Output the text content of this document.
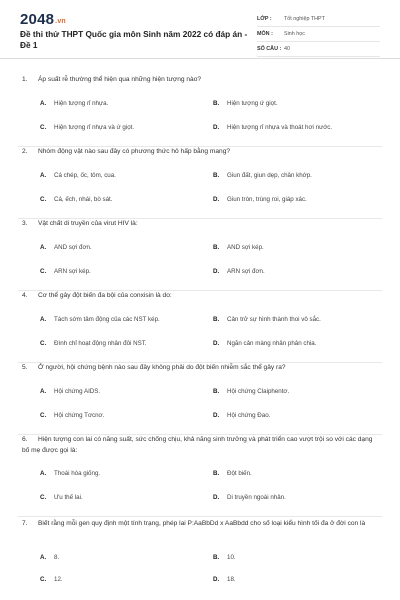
2048.vn
Đề thi thử THPT Quốc gia môn Sinh năm 2022 có đáp án - Đề 1
LỚP :	Tốt nghiệp THPT
MÔN :	Sinh học
SỐ CÂU : 40
1. Áp suất rễ thường thể hiện qua những hiện tượng nào?
A. Hiện tượng rỉ nhựa.	B. Hiện tượng ứ giọt.
C. Hiện tượng rỉ nhựa và ứ giọt.	D. Hiện tượng rỉ nhựa và thoát hơi nước.
2. Nhóm động vật nào sau đây có phương thức hô hấp bằng mang?
A. Cá chép, ốc, tôm, cua.	B. Giun đất, giun dẹp, chân khớp.
C. Cá, ếch, nhái, bò sát.	D. Giun tròn, trùng roi, giáp xác.
3. Vật chất di truyền của virut HIV là:
A. AND sợi đơn.	B. AND sợi kép.
C. ARN sợi kép.	D. ARN sợi đơn.
4. Cơ thể gây đột biến đa bội của conxisin là do:
A. Tách sớm tâm động của các NST kép.	B. Cản trở sự hình thành thoi vô sắc.
C. Đình chỉ hoạt động nhân đôi NST.	D. Ngăn cản màng nhân phân chia.
5. Ở người, hội chứng bệnh nào sau đây không phải do đột biến nhiễm sắc thể gây ra?
A. Hội chứng AIDS.	B. Hội chứng Claiphentơ.
C. Hội chứng Tơcnơ.	D. Hội chứng Đao.
6. Hiện tượng con lai có năng suất, sức chống chịu, khả năng sinh trưởng và phát triển cao vượt trội so với các dạng bố mẹ được gọi là:
A. Thoái hóa giống.	B. Đột biến.
C. Ưu thế lai.	D. Di truyền ngoài nhân.
7. Biết rằng mỗi gen quy định một tính trạng, phép lai P:AaBbDd x AaBbdd cho số loại kiểu hình tối đa ở đời con là
A. 8.	B. 10.
C. 12.	D. 18.
